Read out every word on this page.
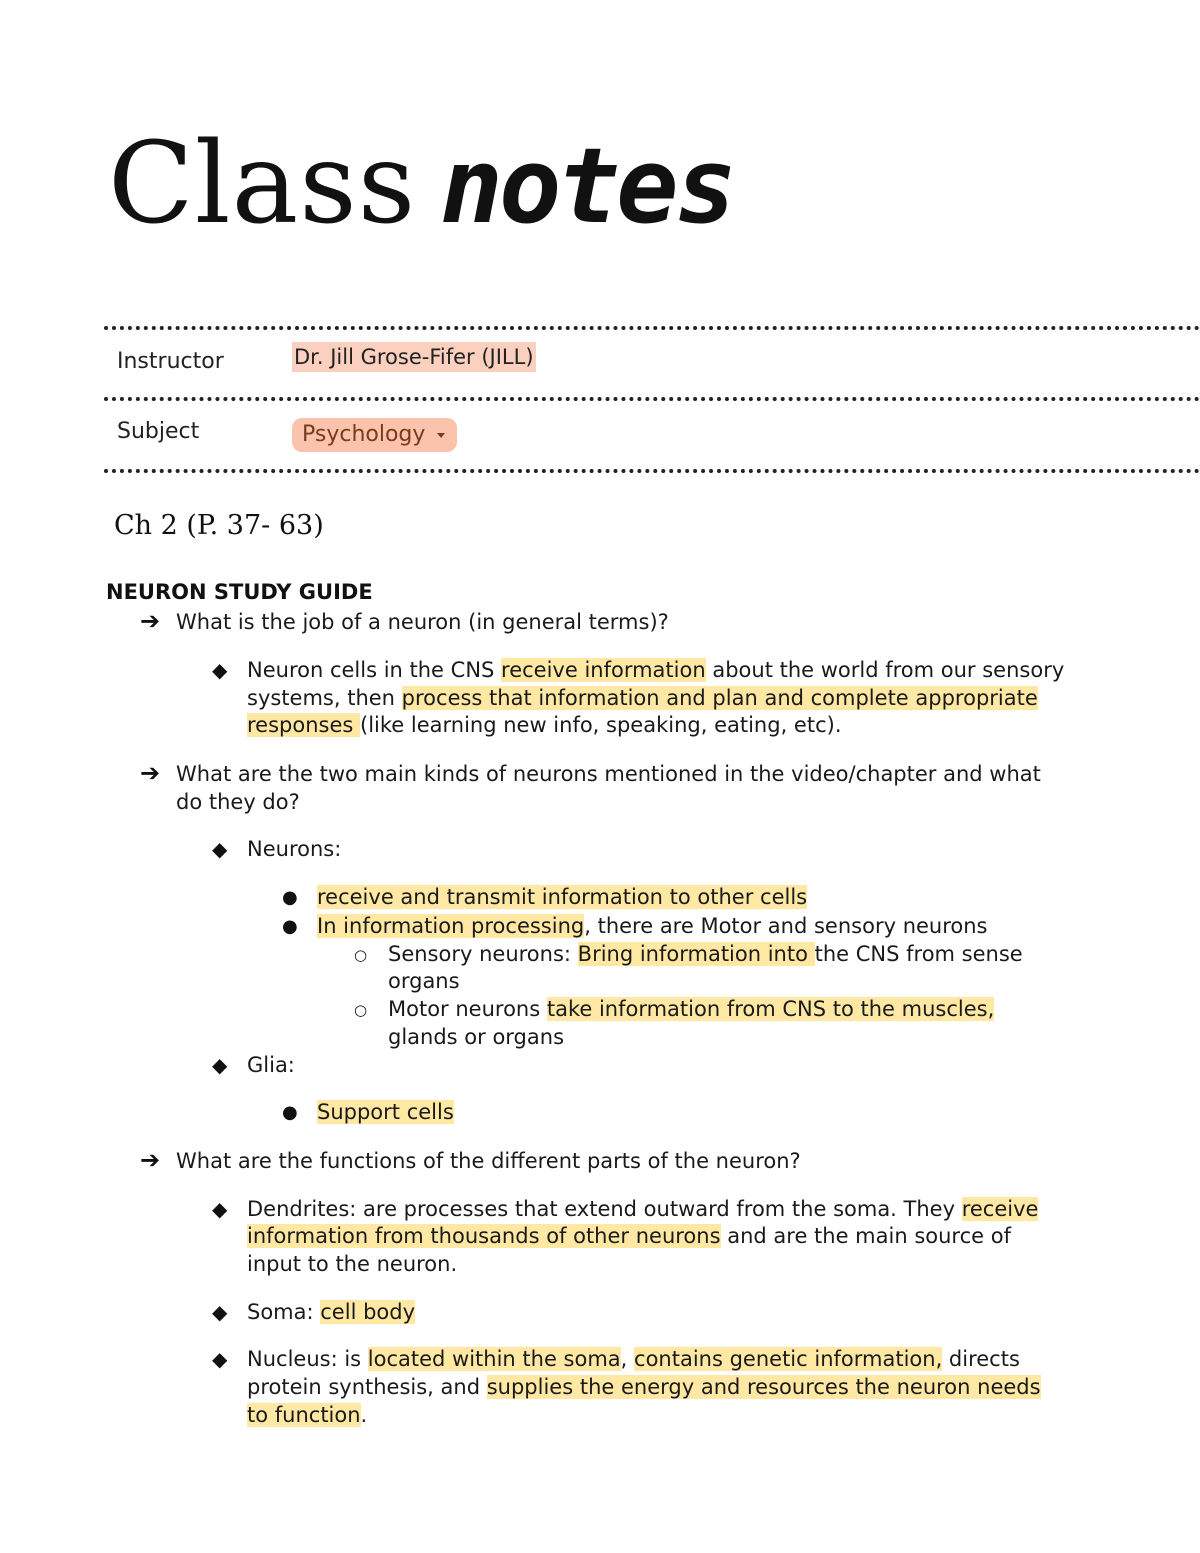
Class notes
Instructor	Dr. Jill Grose-Fifer (JILL)
Subject	Psychology
Ch 2 (P. 37- 63)
NEURON STUDY GUIDE
➔ What is the job of a neuron (in general terms)?
◆ Neuron cells in the CNS receive information about the world from our sensory
systems, then process that information and plan and complete appropriate
responses (like learning new info, speaking, eating, etc).
➔ What are the two main kinds of neurons mentioned in the video/chapter and what
do they do?
◆ Neurons:
● receive and transmit information to other cells
● In information processing, there are Motor and sensory neurons
○ Sensory neurons: Bring information into the CNS from sense
organs
○ Motor neurons take information from CNS to the muscles,
glands or organs
◆ Glia:
● Support cells
➔ What are the functions of the different parts of the neuron?
◆ Dendrites: are processes that extend outward from the soma. They receive
information from thousands of other neurons and are the main source of
input to the neuron.
◆ Soma: cell body
◆ Nucleus: is located within the soma, contains genetic information, directs
protein synthesis, and supplies the energy and resources the neuron needs
to function.
